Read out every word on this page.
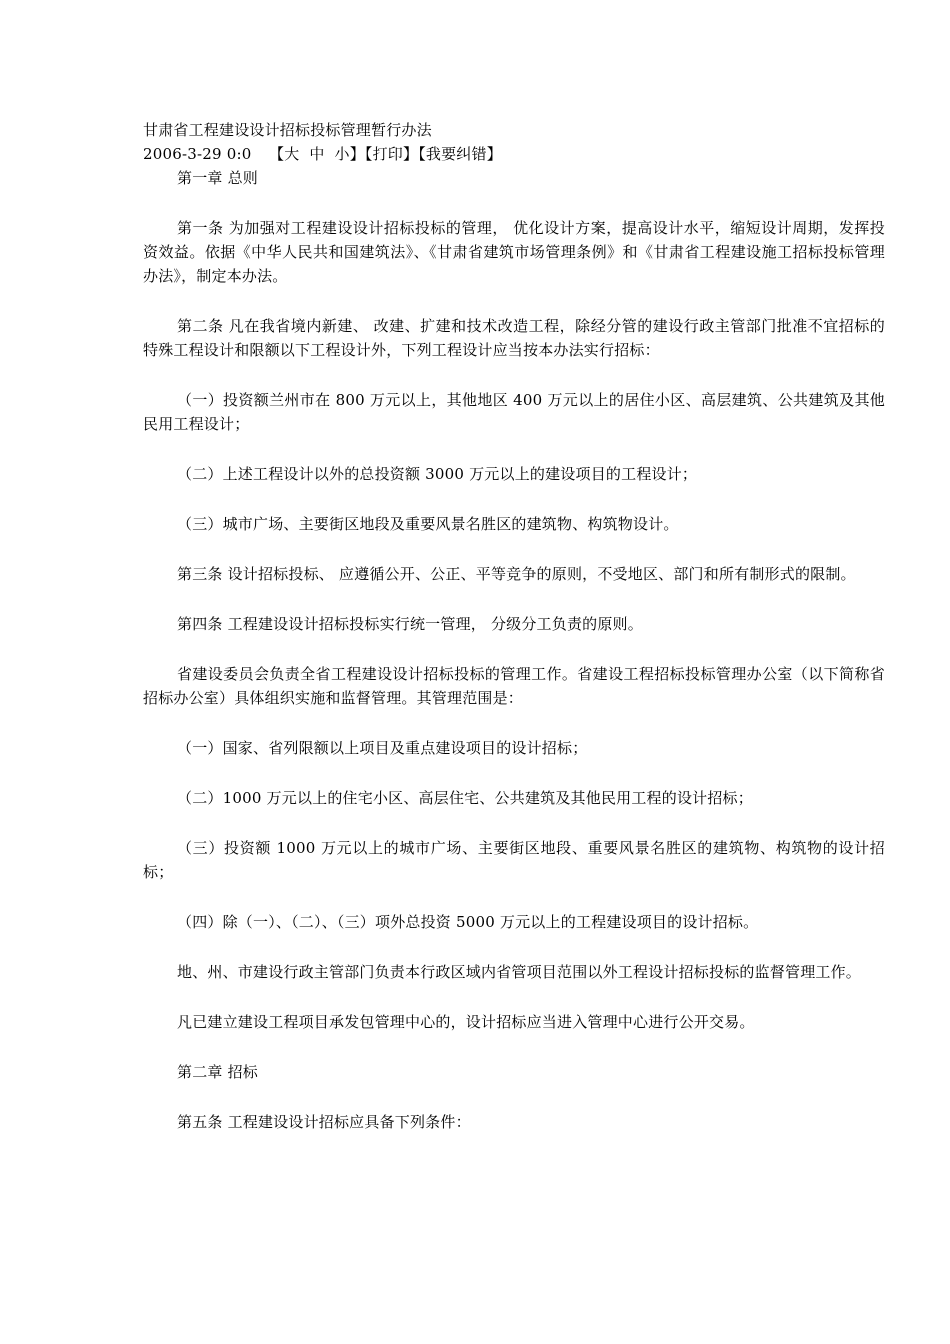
甘肃省工程建设设计招标投标管理暂行办法

2006-3-29 0:0 【大 中 小】【打印】【我要纠错】

第一章 总则

第一条 为加强对工程建设设计招标投标的管理， 优化设计方案，提高设计水平，缩短设计周期，发挥投资效益。依据《中华人民共和国建筑法》、《甘肃省建筑市场管理条例》和《甘肃省工程建设施工招标投标管理办法》，制定本办法。

第二条 凡在我省境内新建、 改建、扩建和技术改造工程，除经分管的建设行政主管部门批准不宜招标的特殊工程设计和限额以下工程设计外，下列工程设计应当按本办法实行招标：

（一）投资额兰州市在 800 万元以上，其他地区 400 万元以上的居住小区、高层建筑、公共建筑及其他民用工程设计；

（二）上述工程设计以外的总投资额 3000 万元以上的建设项目的工程设计；

（三）城市广场、主要街区地段及重要风景名胜区的建筑物、构筑物设计。

第三条 设计招标投标、 应遵循公开、公正、平等竞争的原则，不受地区、部门和所有制形式的限制。

第四条 工程建设设计招标投标实行统一管理， 分级分工负责的原则。

省建设委员会负责全省工程建设设计招标投标的管理工作。省建设工程招标投标管理办公室（以下简称省招标办公室）具体组织实施和监督管理。其管理范围是：

（一）国家、省列限额以上项目及重点建设项目的设计招标；

（二）1000 万元以上的住宅小区、高层住宅、公共建筑及其他民用工程的设计招标；

（三）投资额 1000 万元以上的城市广场、主要街区地段、重要风景名胜区的建筑物、构筑物的设计招标；

（四）除（一）、（二）、（三）项外总投资 5000 万元以上的工程建设项目的设计招标。

地、州、市建设行政主管部门负责本行政区域内省管项目范围以外工程设计招标投标的监督管理工作。

凡已建立建设工程项目承发包管理中心的，设计招标应当进入管理中心进行公开交易。

第二章 招标

第五条 工程建设设计招标应具备下列条件：
